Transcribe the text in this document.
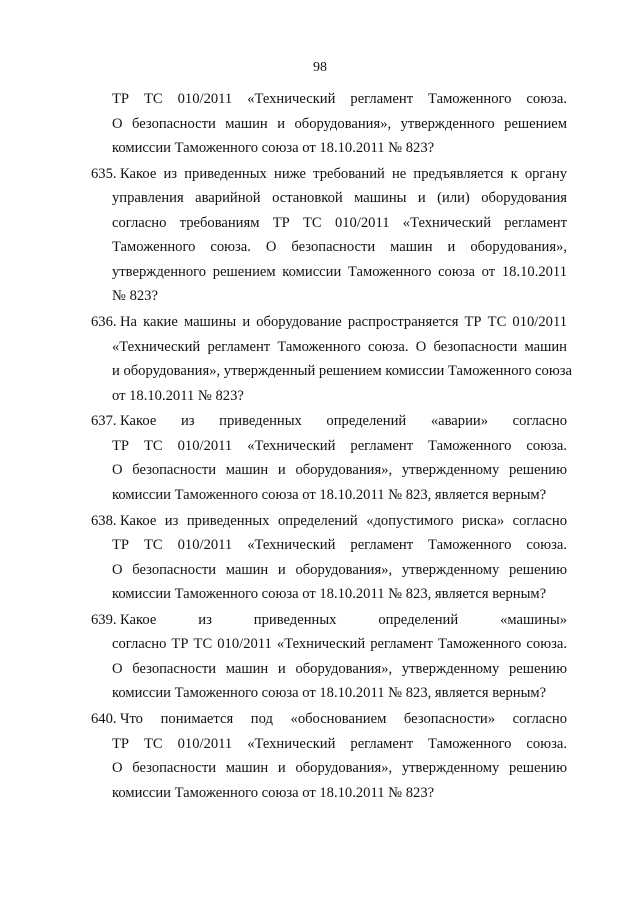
98
ТР ТС 010/2011 «Технический регламент Таможенного союза.
О безопасности машин и оборудования», утвержденного решением
комиссии Таможенного союза от 18.10.2011 № 823?
635. Какое из приведенных ниже требований не предъявляется к органу
управления аварийной остановкой машины и (или) оборудования
согласно требованиям ТР ТС 010/2011 «Технический регламент
Таможенного союза. О безопасности машин и оборудования»,
утвержденного решением комиссии Таможенного союза от 18.10.2011
№ 823?
636. На какие машины и оборудование распространяется ТР ТС 010/2011
«Технический регламент Таможенного союза. О безопасности машин
и оборудования», утвержденный решением комиссии Таможенного союза
от 18.10.2011 № 823?
637. Какое из приведенных определений «аварии» согласно
ТР ТС 010/2011 «Технический регламент Таможенного союза.
О безопасности машин и оборудования», утвержденному решению
комиссии Таможенного союза от 18.10.2011 № 823, является верным?
638. Какое из приведенных определений «допустимого риска» согласно
ТР ТС 010/2011 «Технический регламент Таможенного союза.
О безопасности машин и оборудования», утвержденному решению
комиссии Таможенного союза от 18.10.2011 № 823, является верным?
639. Какое из приведенных определений «машины»
согласно ТР ТС 010/2011 «Технический регламент Таможенного союза.
О безопасности машин и оборудования», утвержденному решению
комиссии Таможенного союза от 18.10.2011 № 823, является верным?
640. Что понимается под «обоснованием безопасности» согласно
ТР ТС 010/2011 «Технический регламент Таможенного союза.
О безопасности машин и оборудования», утвержденному решению
комиссии Таможенного союза от 18.10.2011 № 823?
